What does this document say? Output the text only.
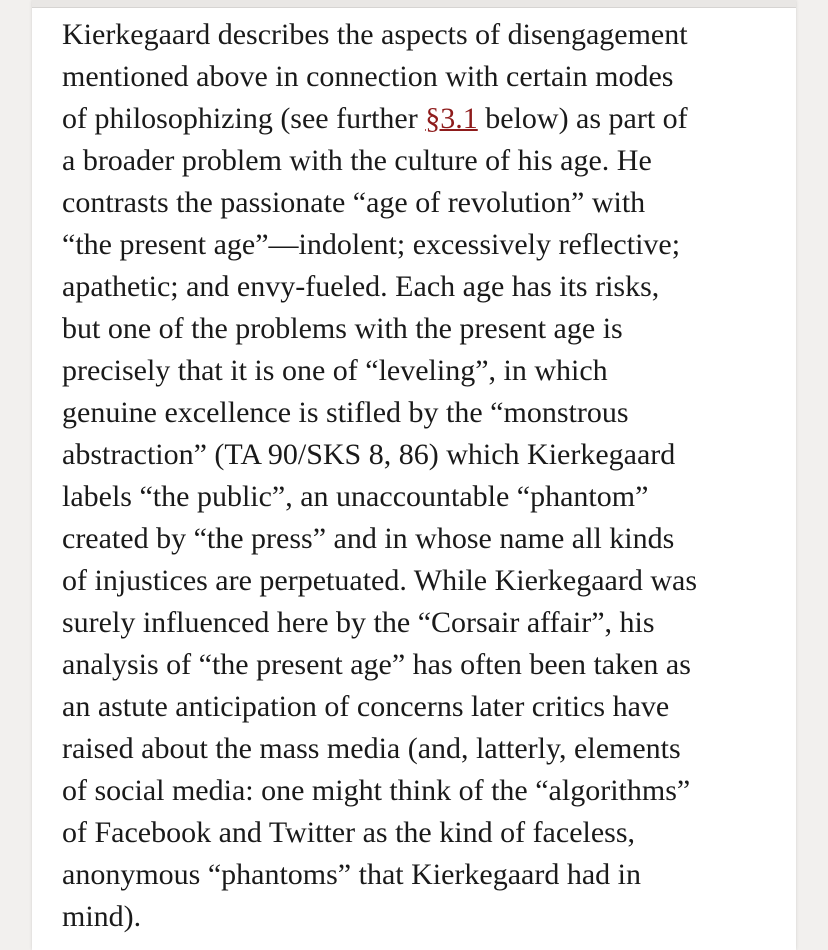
Kierkegaard describes the aspects of disengagement
mentioned above in connection with certain modes
of philosophizing (see further §3.1 below) as part of
a broader problem with the culture of his age. He
contrasts the passionate “age of revolution” with
“the present age”—indolent; excessively reflective;
apathetic; and envy-fueled. Each age has its risks,
but one of the problems with the present age is
precisely that it is one of “leveling”, in which
genuine excellence is stifled by the “monstrous
abstraction” (TA 90/SKS 8, 86) which Kierkegaard
labels “the public”, an unaccountable “phantom”
created by “the press” and in whose name all kinds
of injustices are perpetuated. While Kierkegaard was
surely influenced here by the “Corsair affair”, his
analysis of “the present age” has often been taken as
an astute anticipation of concerns later critics have
raised about the mass media (and, latterly, elements
of social media: one might think of the “algorithms”
of Facebook and Twitter as the kind of faceless,
anonymous “phantoms” that Kierkegaard had in
mind).
